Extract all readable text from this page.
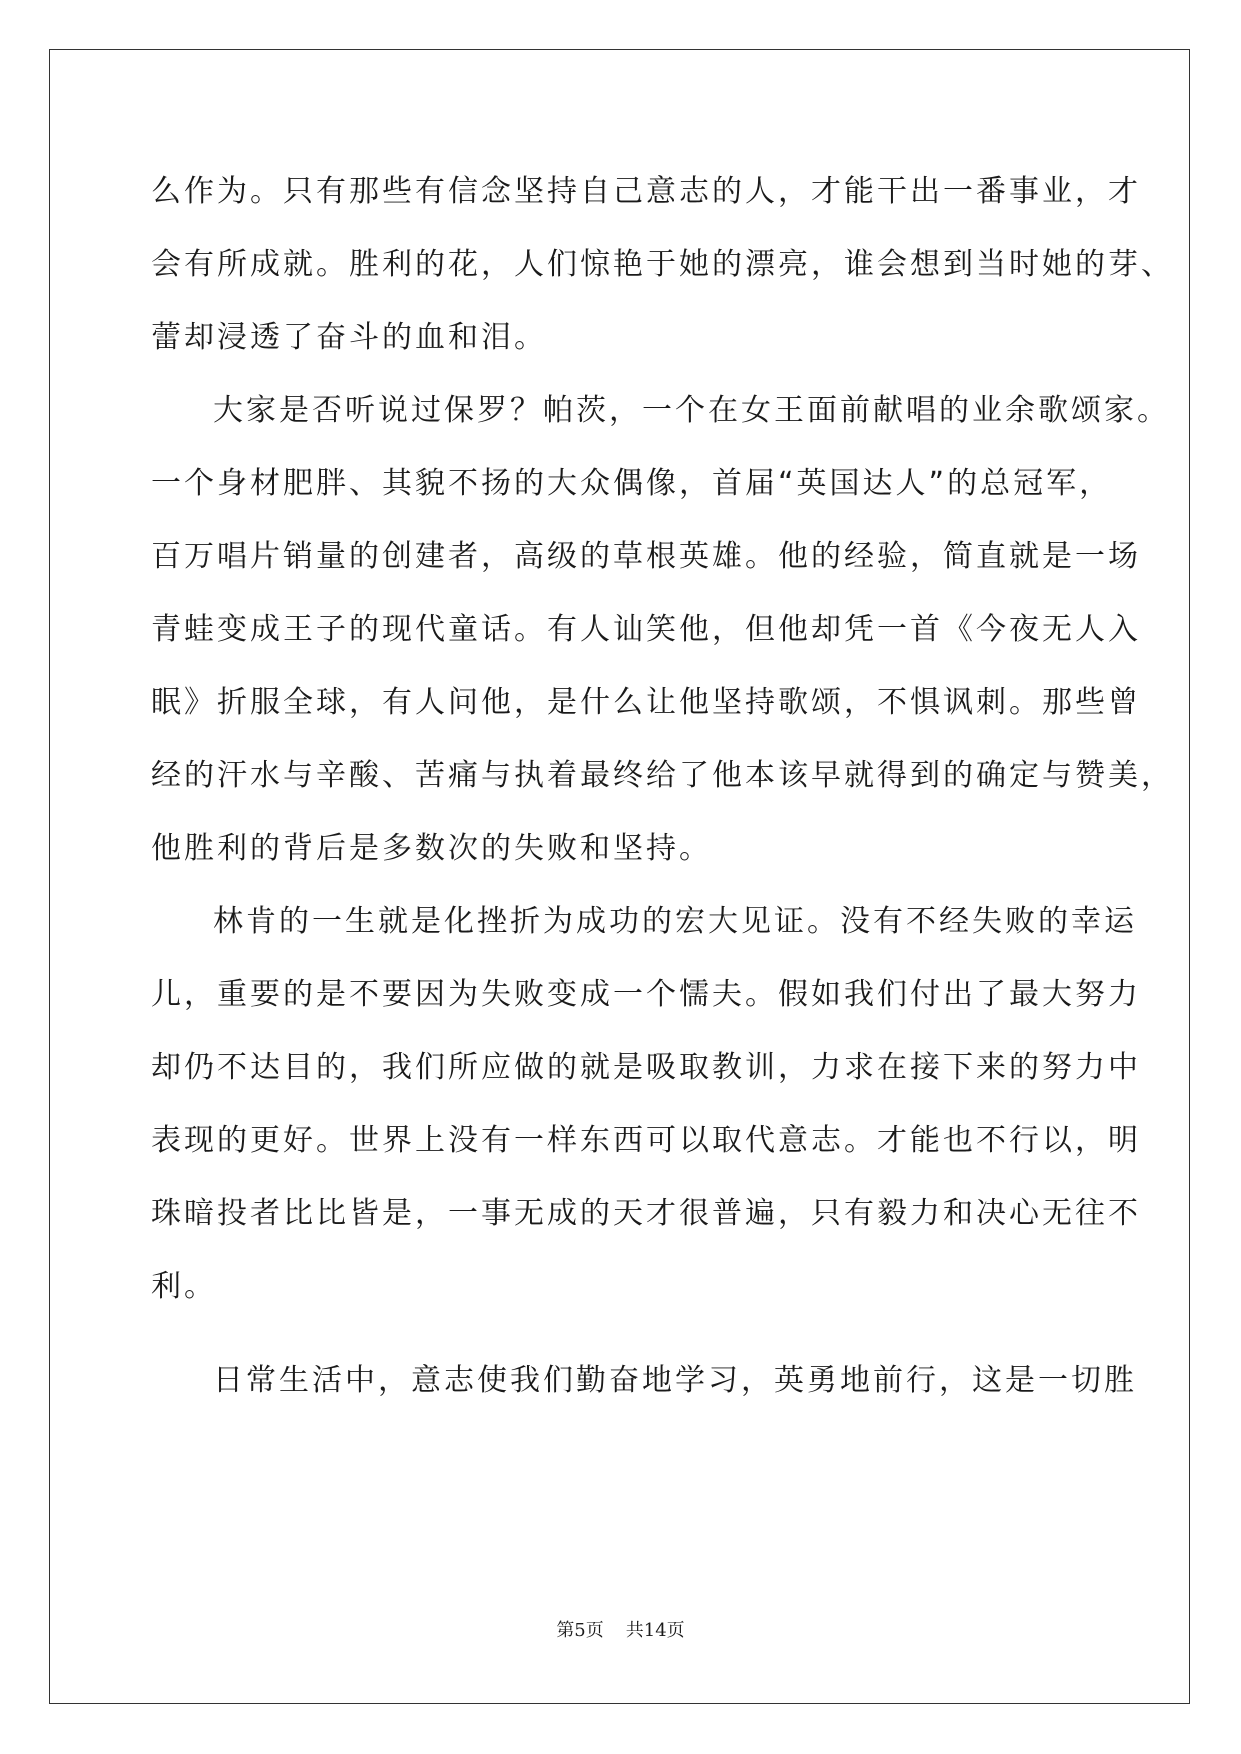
么作为。只有那些有信念坚持自己意志的人，才能干出一番事业，才
会有所成就。胜利的花，人们惊艳于她的漂亮，谁会想到当时她的芽、
蕾却浸透了奋斗的血和泪。
大家是否听说过保罗？帕茨，一个在女王面前献唱的业余歌颂家。
一个身材肥胖、其貌不扬的大众偶像，首届“英国达人”的总冠军，
百万唱片销量的创建者，高级的草根英雄。他的经验，简直就是一场
青蛙变成王子的现代童话。有人讪笑他，但他却凭一首《今夜无人入
眠》折服全球，有人问他，是什么让他坚持歌颂，不惧讽刺。那些曾
经的汗水与辛酸、苦痛与执着最终给了他本该早就得到的确定与赞美，
他胜利的背后是多数次的失败和坚持。
林肯的一生就是化挫折为成功的宏大见证。没有不经失败的幸运
儿，重要的是不要因为失败变成一个懦夫。假如我们付出了最大努力
却仍不达目的，我们所应做的就是吸取教训，力求在接下来的努力中
表现的更好。世界上没有一样东西可以取代意志。才能也不行以，明
珠暗投者比比皆是，一事无成的天才很普遍，只有毅力和决心无往不
利。
日常生活中，意志使我们勤奋地学习，英勇地前行，这是一切胜
第5页 共14页
